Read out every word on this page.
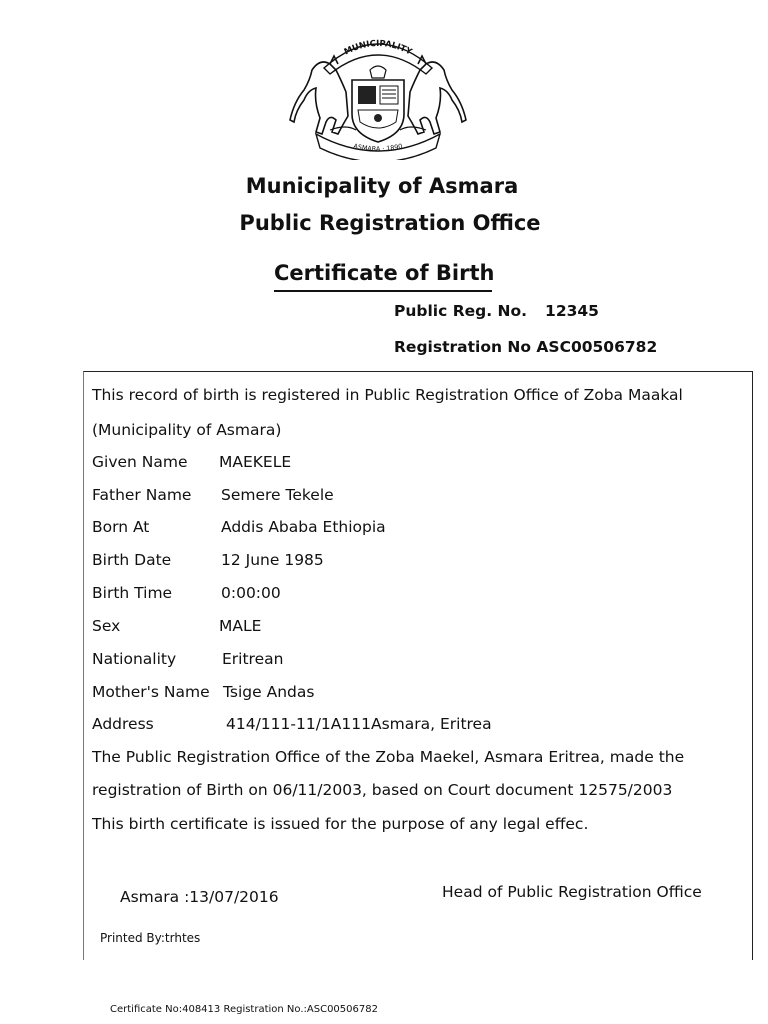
MUNICIPALITY
ASMARA · 1890
Municipality of Asmara
Public Registration Office
Certificate of Birth
Public Reg. No. 12345
Registration No ASC00506782
This record of birth is registered in Public Registration Office of Zoba Maakal
(Municipality of Asmara)
Given Name MAEKELE
Father Name Semere Tekele
Born At	Addis Ababa Ethiopia
Birth Date	12 June 1985
Birth Time	0:00:00
Sex	MALE
Nationality	Eritrean
Mother's Name Tsige Andas
Address	414/111-11/1A111Asmara, Eritrea
The Public Registration Office of the Zoba Maekel, Asmara Eritrea, made the
registration of Birth on 06/11/2003, based on Court document 12575/2003
This birth certificate is issued for the purpose of any legal effec.
Asmara :13/07/2016	Head of Public Registration Office
Printed By:trhtes
Certificate No:408413 Registration No.:ASC00506782
